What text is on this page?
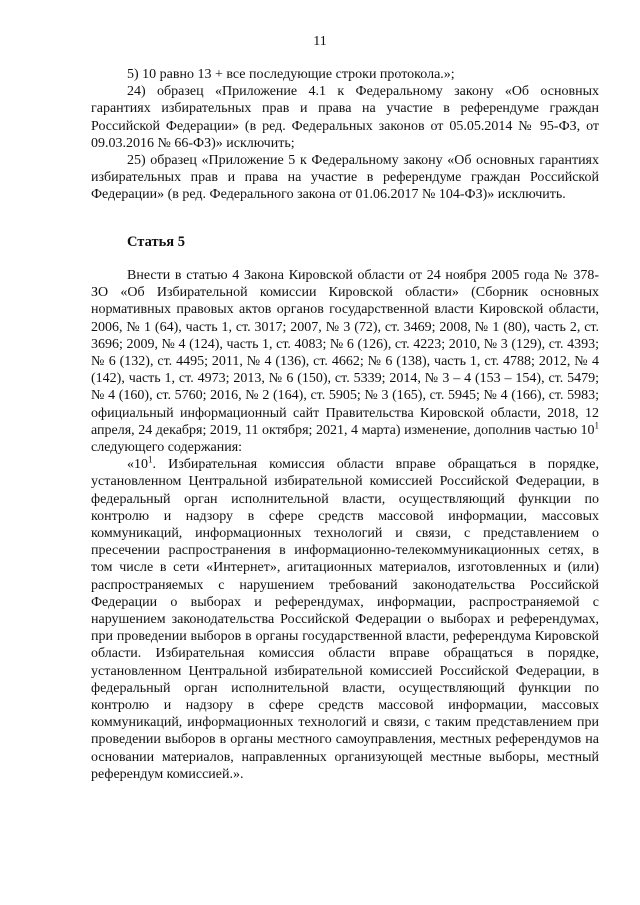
11

5) 10 равно 13 + все последующие строки протокола.»;

24) образец «Приложение 4.1 к Федеральному закону «Об основных гарантиях избирательных прав и права на участие в референдуме граждан Российской Федерации» (в ред. Федеральных законов от 05.05.2014 № 95-ФЗ, от 09.03.2016 № 66-ФЗ)» исключить;

25) образец «Приложение 5 к Федеральному закону «Об основных гарантиях избирательных прав и права на участие в референдуме граждан Российской Федерации» (в ред. Федерального закона от 01.06.2017 № 104-ФЗ)» исключить.

Статья 5

Внести в статью 4 Закона Кировской области от 24 ноября 2005 года № 378-ЗО «Об Избирательной комиссии Кировской области» (Сборник основных нормативных правовых актов органов государственной власти Кировской области, 2006, № 1 (64), часть 1, ст. 3017; 2007, № 3 (72), ст. 3469; 2008, № 1 (80), часть 2, ст. 3696; 2009, № 4 (124), часть 1, ст. 4083; № 6 (126), ст. 4223; 2010, № 3 (129), ст. 4393; № 6 (132), ст. 4495; 2011, № 4 (136), ст. 4662; № 6 (138), часть 1, ст. 4788; 2012, № 4 (142), часть 1, ст. 4973; 2013, № 6 (150), ст. 5339; 2014, № 3 – 4 (153 – 154), ст. 5479; № 4 (160), ст. 5760; 2016, № 2 (164), ст. 5905; № 3 (165), ст. 5945; № 4 (166), ст. 5983; официальный информационный сайт Правительства Кировской области, 2018, 12 апреля, 24 декабря; 2019, 11 октября; 2021, 4 марта) изменение, дополнив частью $10^1$ следующего содержания:

«$10^1$. Избирательная комиссия области вправе обращаться в порядке, установленном Центральной избирательной комиссией Российской Федерации, в федеральный орган исполнительной власти, осуществляющий функции по контролю и надзору в сфере средств массовой информации, массовых коммуникаций, информационных технологий и связи, с представлением о пресечении распространения в информационно-телекоммуникационных сетях, в том числе в сети «Интернет», агитационных материалов, изготовленных и (или) распространяемых с нарушением требований законодательства Российской Федерации о выборах и референдумах, информации, распространяемой с нарушением законодательства Российской Федерации о выборах и референдумах, при проведении выборов в органы государственной власти, референдума Кировской области. Избирательная комиссия области вправе обращаться в порядке, установленном Центральной избирательной комиссией Российской Федерации, в федеральный орган исполнительной власти, осуществляющий функции по контролю и надзору в сфере средств массовой информации, массовых коммуникаций, информационных технологий и связи, с таким представлением при проведении выборов в органы местного самоуправления, местных референдумов на основании материалов, направленных организующей местные выборы, местный референдум комиссией.».
